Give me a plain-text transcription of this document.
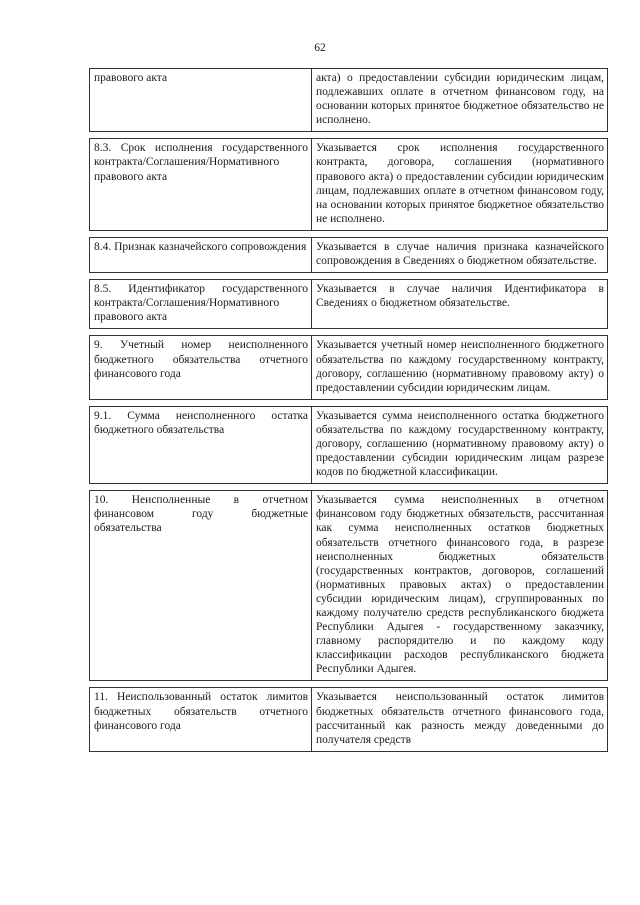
62
правового акта	акта) о предоставлении субсидии юридическим лицам, подлежавших оплате в отчетном финансовом году, на основании которых принятое бюджетное обязательство не исполнено.

8.3. Срок исполнения государственного контракта/Соглашения/Нормативного правового акта	Указывается срок исполнения государственного контракта, договора, соглашения (нормативного правового акта) о предоставлении субсидии юридическим лицам, подлежавших оплате в отчетном финансовом году, на основании которых принятое бюджетное обязательство не исполнено.

8.4. Признак казначейского сопровождения	Указывается в случае наличия признака казначейского сопровождения в Сведениях о бюджетном обязательстве.

8.5. Идентификатор государственного контракта/Соглашения/Нормативного правового акта	Указывается в случае наличия Идентификатора в Сведениях о бюджетном обязательстве.

9. Учетный номер неисполненного бюджетного обязательства отчетного финансового года	Указывается учетный номер неисполненного бюджетного обязательства по каждому государственному контракту, договору, соглашению (нормативному правовому акту) о предоставлении субсидии юридическим лицам.

9.1. Сумма неисполненного остатка бюджетного обязательства	Указывается сумма неисполненного остатка бюджетного обязательства по каждому государственному контракту, договору, соглашению (нормативному правовому акту) о предоставлении субсидии юридическим лицам разрезе кодов по бюджетной классификации.

10. Неисполненные в отчетном финансовом году бюджетные обязательства	Указывается сумма неисполненных в отчетном финансовом году бюджетных обязательств, рассчитанная как сумма неисполненных остатков бюджетных обязательств отчетного финансового года, в разрезе неисполненных бюджетных обязательств (государственных контрактов, договоров, соглашений (нормативных правовых актах) о предоставлении субсидии юридическим лицам), сгруппированных по каждому получателю средств республиканского бюджета Республики Адыгея - государственному заказчику, главному распорядителю и по каждому коду классификации расходов республиканского бюджета Республики Адыгея.

11. Неиспользованный остаток лимитов бюджетных обязательств отчетного финансового года	Указывается неиспользованный остаток лимитов бюджетных обязательств отчетного финансового года, рассчитанный как разность между доведенными до получателя средств
